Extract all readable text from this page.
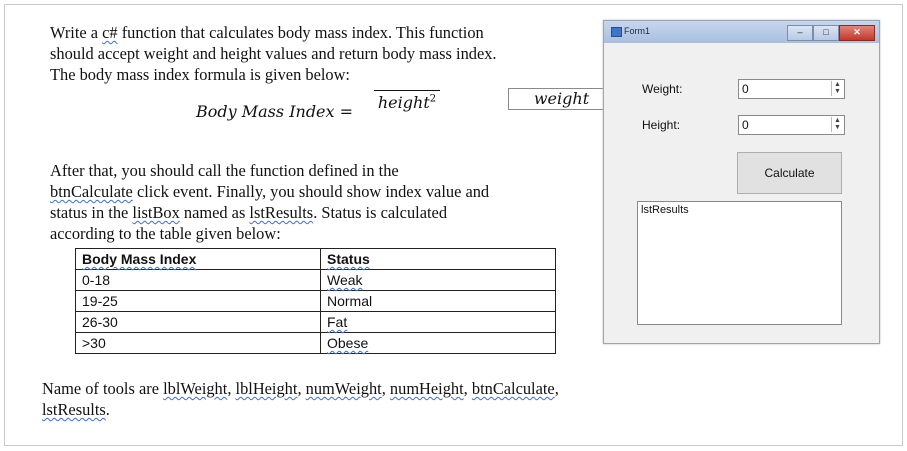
Write a c# function that calculates body mass index. This function
should accept weight and height values and return body mass index.
The body mass index formula is given below:
Body Mass Index =
weight
height$^2$
After that, you should call the function defined in the
btnCalculate click event. Finally, you should show index value and
status in the listBox named as lstResults. Status is calculated
according to the table given below:
Body Mass Index	Status
0-18	Weak
19-25	Normal
26-30	Fat
>30	Obese
Name of tools are lblWeight, lblHeight, numWeight, numHeight, btnCalculate, lstResults.
Form1	–	□	✕
Weight:	0	▲
▼
Height:	0	▲
▼
Calculate
lstResults
